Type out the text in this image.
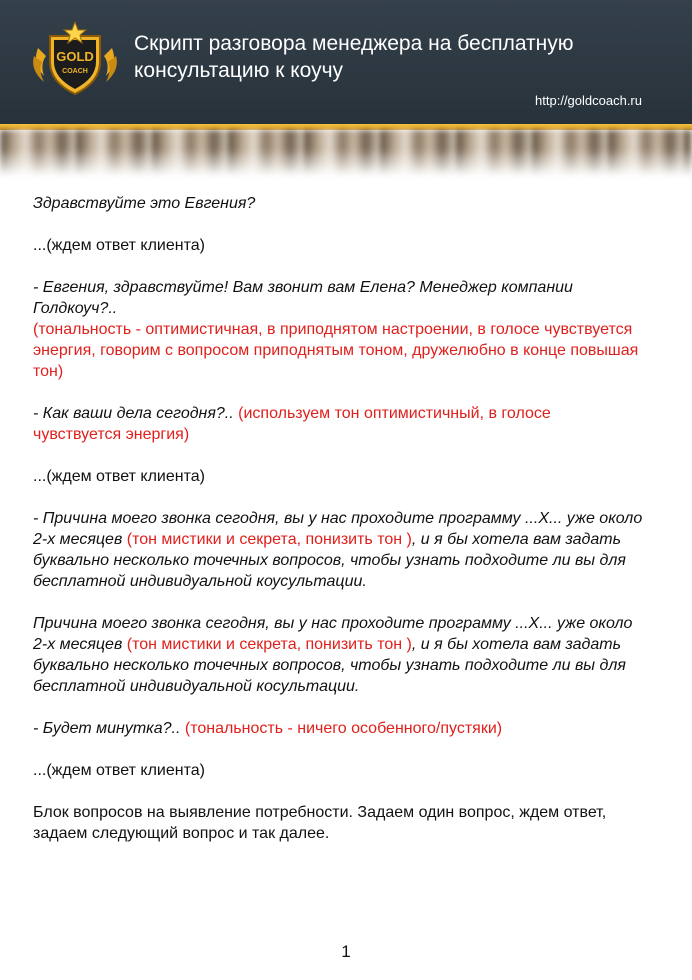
GOLD
COACH
Скрипт разговора менеджера на бесплатную консультацию к коучу
http://goldcoach.ru

Здравствуйте это Евгения?

...(ждем ответ клиента)

- Евгения, здравствуйте! Вам звонит вам Елена? Менеджер компании Голдкоуч?..
(тональность - оптимистичная, в приподнятом настроении, в голосе чувствуется энергия, говорим с вопросом приподнятым тоном, дружелюбно в конце повышая тон)

- Как ваши дела сегодня?.. (используем тон оптимистичный, в голосе чувствуется энергия)

...(ждем ответ клиента)

- Причина моего звонка сегодня, вы у нас проходите программу ...Х... уже около 2-х месяцев (тон мистики и секрета, понизить тон ), и я бы хотела вам задать буквально несколько точечных вопросов, чтобы узнать подходите ли вы для бесплатной индивидуальной коусультации.

Причина моего звонка сегодня, вы у нас проходите программу ...Х... уже около 2-х месяцев (тон мистики и секрета, понизить тон ), и я бы хотела вам задать буквально несколько точечных вопросов, чтобы узнать подходите ли вы для бесплатной индивидуальной косультации.

- Будет минутка?.. (тональность - ничего особенного/пустяки)

...(ждем ответ клиента)

Блок вопросов на выявление потребности. Задаем один вопрос, ждем ответ, задаем следующий вопрос и так далее.

1
